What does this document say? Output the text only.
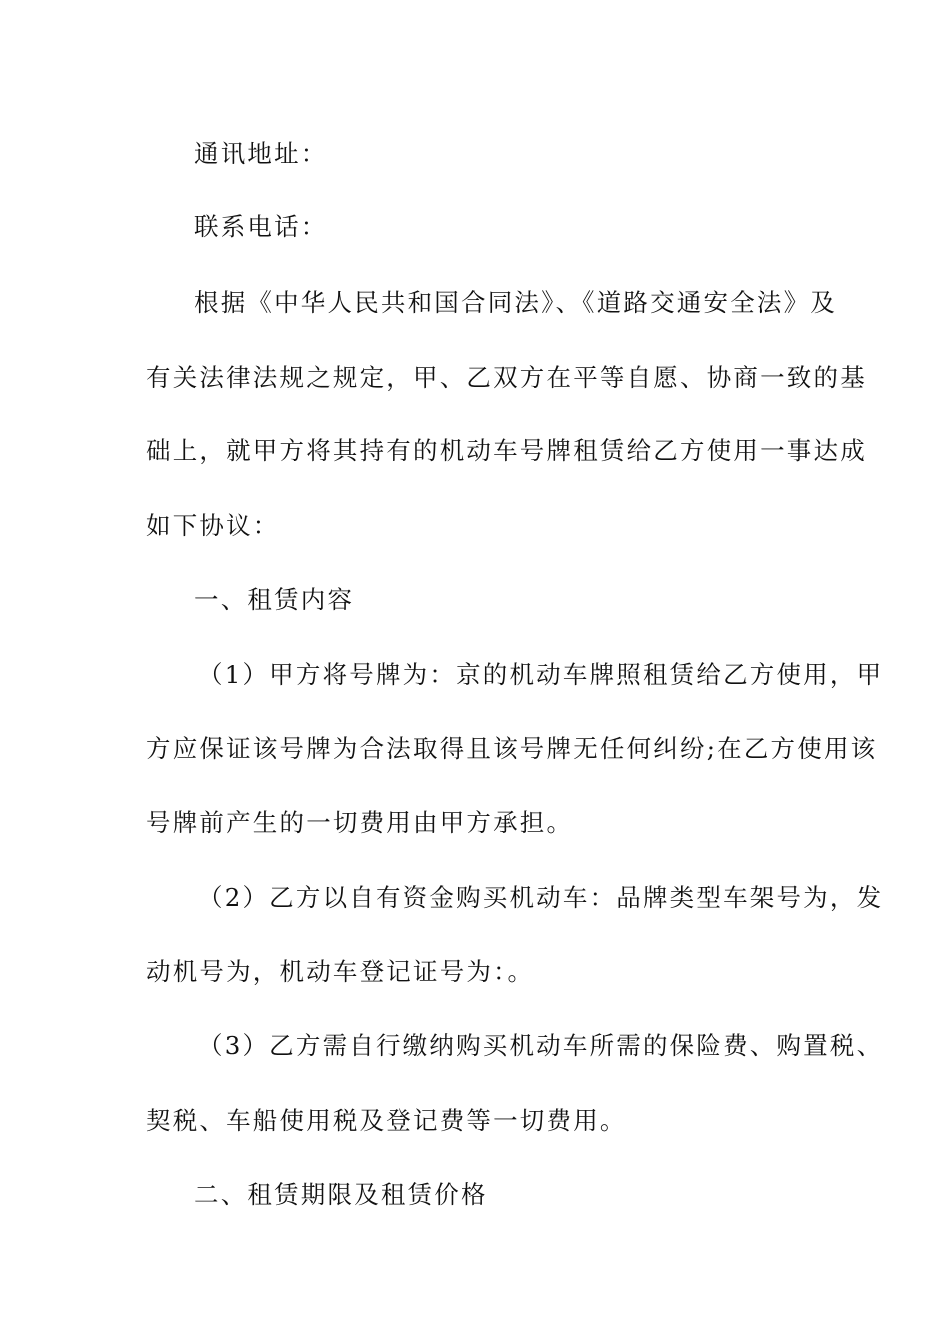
通讯地址：
联系电话：
根据《中华人民共和国合同法》、《道路交通安全法》及
有关法律法规之规定，甲、乙双方在平等自愿、协商一致的基
础上，就甲方将其持有的机动车号牌租赁给乙方使用一事达成
如下协议：
一、租赁内容
（1）甲方将号牌为：京的机动车牌照租赁给乙方使用，甲
方应保证该号牌为合法取得且该号牌无任何纠纷;在乙方使用该
号牌前产生的一切费用由甲方承担。
（2）乙方以自有资金购买机动车：品牌类型车架号为，发
动机号为，机动车登记证号为：。
（3）乙方需自行缴纳购买机动车所需的保险费、购置税、
契税、车船使用税及登记费等一切费用。
二、租赁期限及租赁价格
